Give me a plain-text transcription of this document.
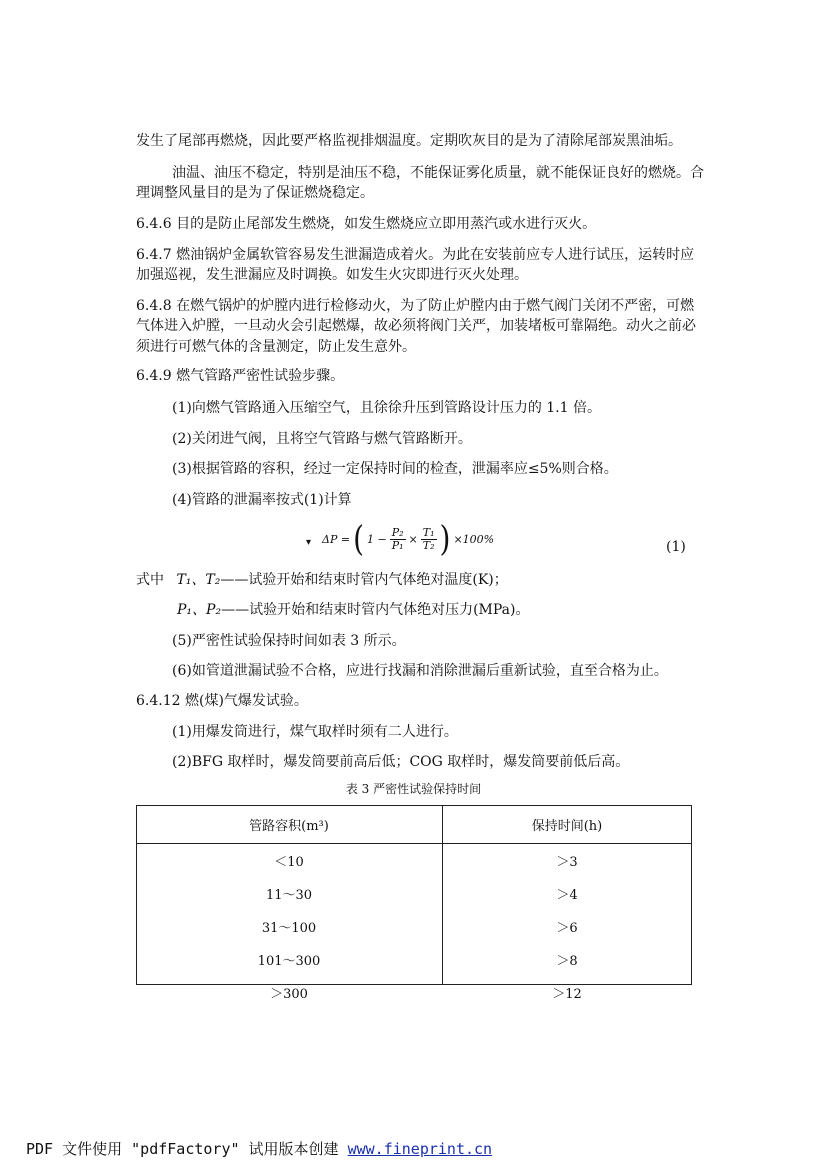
发生了尾部再燃烧，因此要严格监视排烟温度。定期吹灰目的是为了清除尾部炭黑油垢。
油温、油压不稳定，特别是油压不稳，不能保证雾化质量，就不能保证良好的燃烧。合
理调整风量目的是为了保证燃烧稳定。
6.4.6 目的是防止尾部发生燃烧，如发生燃烧应立即用蒸汽或水进行灭火。
6.4.7 燃油锅炉金属软管容易发生泄漏造成着火。为此在安装前应专人进行试压，运转时应
加强巡视，发生泄漏应及时调换。如发生火灾即进行灭火处理。
6.4.8 在燃气锅炉的炉膛内进行检修动火，为了防止炉膛内由于燃气阀门关闭不严密，可燃
气体进入炉膛，一旦动火会引起燃爆，故必须将阀门关严，加装堵板可靠隔绝。动火之前必
须进行可燃气体的含量测定，防止发生意外。
6.4.9 燃气管路严密性试验步骤。
(1)向燃气管路通入压缩空气，且徐徐升压到管路设计压力的 1.1 倍。
(2)关闭进气阀，且将空气管路与燃气管路断开。
(3)根据管路的容积，经过一定保持时间的检查，泄漏率应≤5%则合格。
(4)管路的泄漏率按式(1)计算
▾ ΔP = ( $1 - \frac{\text{P₂}}{\text{P₁}} \times \frac{\text{T₁}}{\text{T₂}}$ ) ×100%	(1)
式中 T₁、T₂——试验开始和结束时管内气体绝对温度(K)；
P₁、P₂——试验开始和结束时管内气体绝对压力(MPa)。
(5)严密性试验保持时间如表 3 所示。
(6)如管道泄漏试验不合格，应进行找漏和消除泄漏后重新试验，直至合格为止。
6.4.12 燃(煤)气爆发试验。
(1)用爆发筒进行，煤气取样时须有二人进行。
(2)BFG 取样时，爆发筒要前高后低；COG 取样时，爆发筒要前低后高。
表 3 严密性试验保持时间
管路容积(m³)	保持时间(h)
＜10	＞3
11～30	＞4
31～100	＞6
101～300	＞8
＞300	＞12
PDF 文件使用 "pdfFactory" 试用版本创建 www.fineprint.cn
